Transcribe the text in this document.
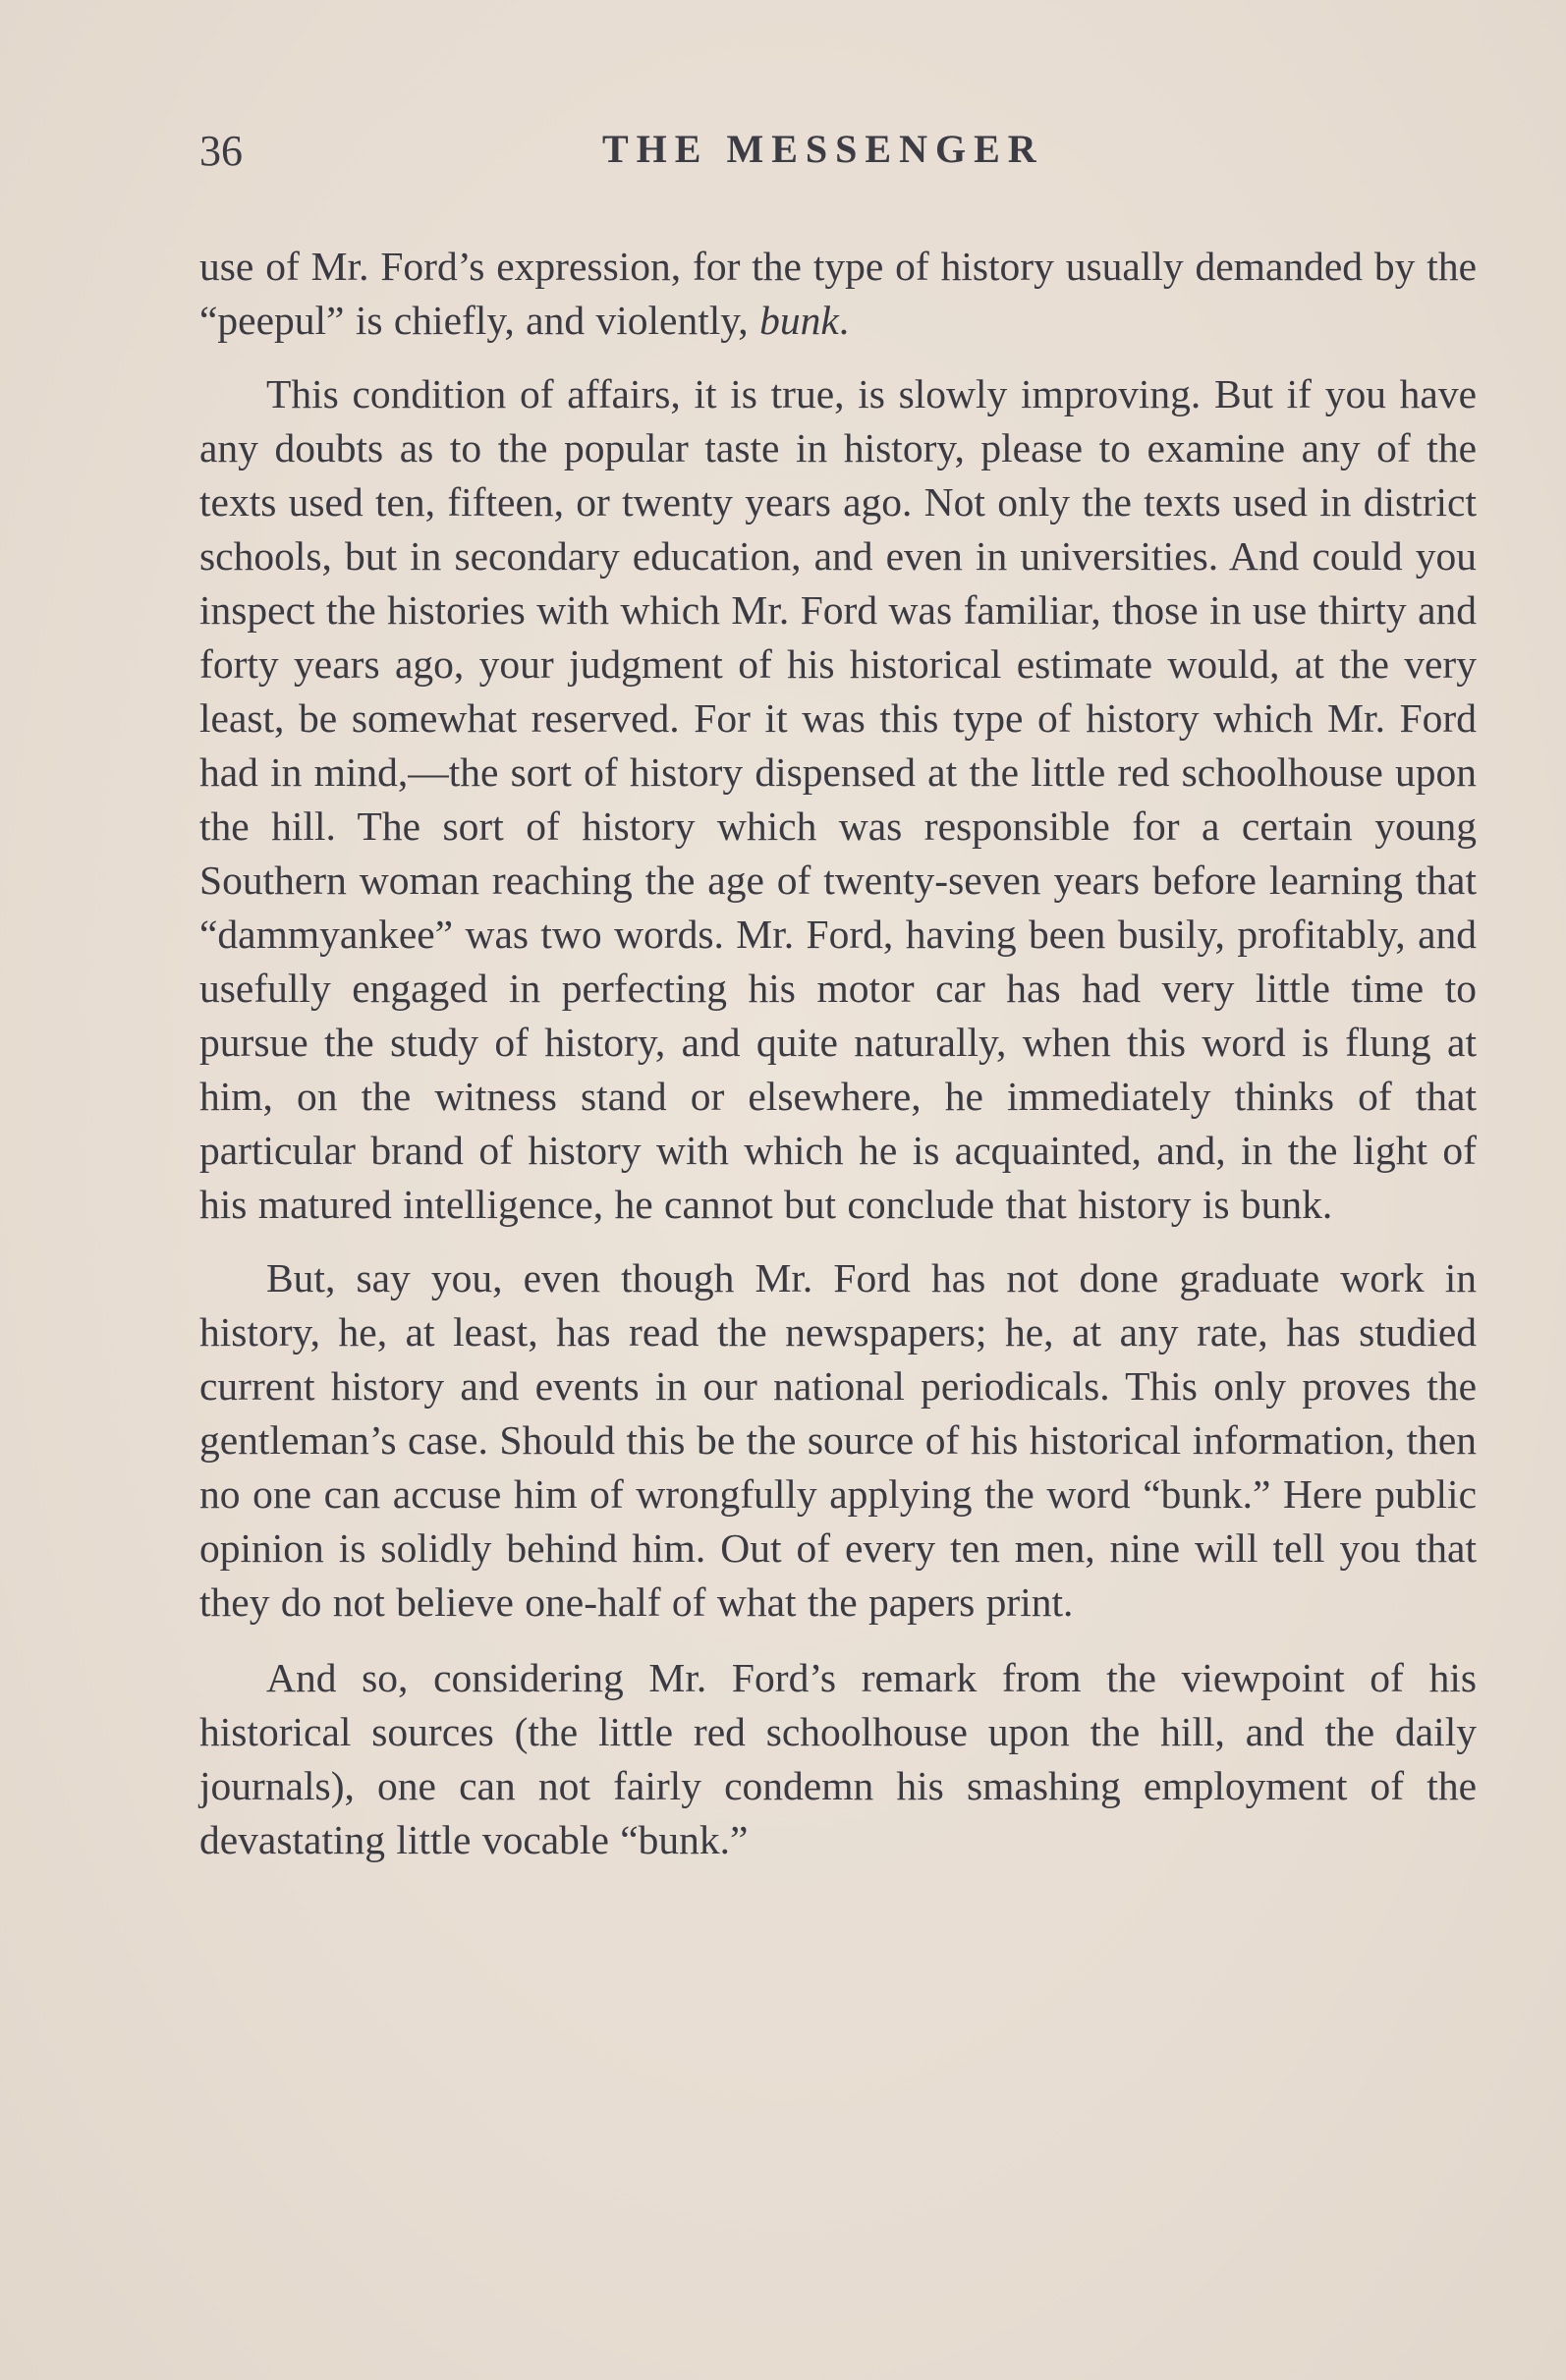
36	THE MESSENGER

use of Mr. Ford’s expression, for the type of history usually demanded by the “peepul” is chiefly, and violently, bunk.

This condition of affairs, it is true, is slowly improving. But if you have any doubts as to the popular taste in history, please to examine any of the texts used ten, fifteen, or twenty years ago. Not only the texts used in district schools, but in secondary education, and even in universities. And could you inspect the histories with which Mr. Ford was familiar, those in use thirty and forty years ago, your judgment of his historical estimate would, at the very least, be somewhat reserved. For it was this type of history which Mr. Ford had in mind,—the sort of history dispensed at the little red schoolhouse upon the hill. The sort of history which was responsible for a certain young Southern woman reaching the age of twenty-seven years before learning that “dammyankee” was two words. Mr. Ford, having been busily, profitably, and usefully engaged in perfecting his motor car has had very little time to pursue the study of history, and quite naturally, when this word is flung at him, on the witness stand or elsewhere, he immediately thinks of that particular brand of history with which he is acquainted, and, in the light of his matured intelligence, he cannot but conclude that history is bunk.

But, say you, even though Mr. Ford has not done graduate work in history, he, at least, has read the newspapers; he, at any rate, has studied current history and events in our national periodicals. This only proves the gentleman’s case. Should this be the source of his historical information, then no one can accuse him of wrongfully applying the word “bunk.” Here public opinion is solidly behind him. Out of every ten men, nine will tell you that they do not believe one-half of what the papers print.

And so, considering Mr. Ford’s remark from the viewpoint of his historical sources (the little red schoolhouse upon the hill, and the daily journals), one can not fairly condemn his smashing employment of the devastating little vocable “bunk.”
